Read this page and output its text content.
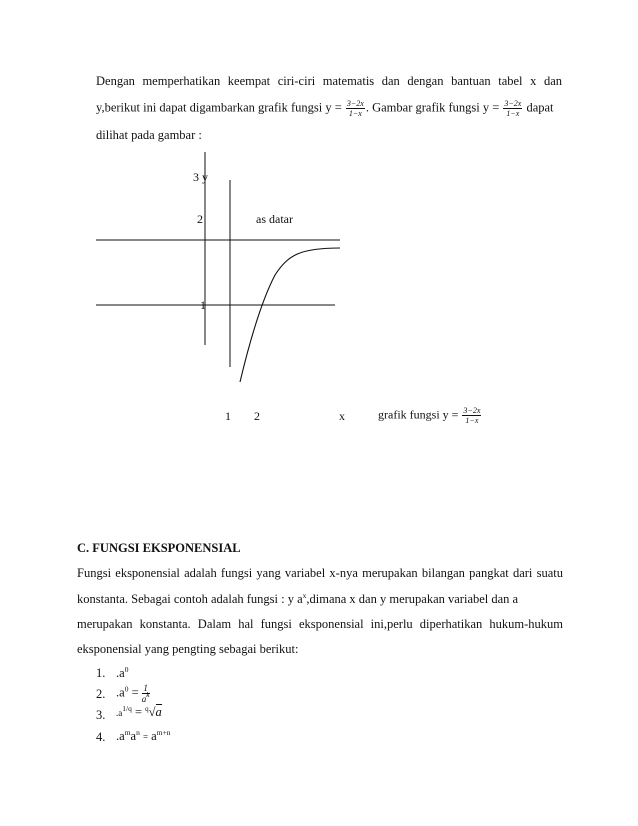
Dengan memperhatikan keempat ciri-ciri matematis dan dengan bantuan tabel x dan
y,berikut ini dapat digambarkan grafik fungsi $y = \frac{3-2x}{1-x}$ . Gambar grafik fungsi $y = \frac{3-2x}{1-x}$ dapat
dilihat pada gambar :
3 y
2	as datar
1
1 2	x	grafik fungsi $y = \frac{3-2x}{1-x}$
C. FUNGSI EKSPONENSIAL
Fungsi eksponensial adalah fungsi yang variabel x-nya merupakan bilangan pangkat dari suatu
konstanta. Sebagai contoh adalah fungsi : y $a^x,dimana$ x dan y merupakan variabel dan a
merupakan konstanta. Dalam hal fungsi eksponensial ini,perlu diperhatikan hukum-hukum
eksponensial yang pengting sebagai berikut:
1. $.a^0$
2. $.a^0 = \frac{1}{a^k}$
3. $.a^{1/q} = ^q√a$
4. $.a^ma^n = a^{m+n}$
